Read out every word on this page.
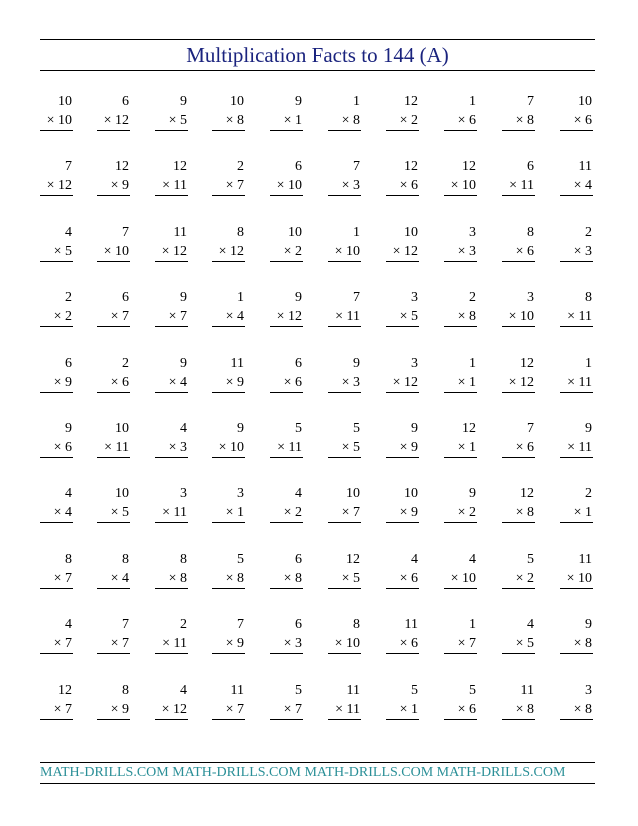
Multiplication Facts to 144 (A)
10
× 10
6
× 12
9
× 5
10
× 8
9
× 1
1
× 8
12
× 2
1
× 6
7
× 8
10
× 6
7
× 12
12
× 9
12
× 11
2
× 7
6
× 10
7
× 3
12
× 6
12
× 10
6
× 11
11
× 4
4
× 5
7
× 10
11
× 12
8
× 12
10
× 2
1
× 10
10
× 12
3
× 3
8
× 6
2
× 3
2
× 2
6
× 7
9
× 7
1
× 4
9
× 12
7
× 11
3
× 5
2
× 8
3
× 10
8
× 11
6
× 9
2
× 6
9
× 4
11
× 9
6
× 6
9
× 3
3
× 12
1
× 1
12
× 12
1
× 11
9
× 6
10
× 11
4
× 3
9
× 10
5
× 11
5
× 5
9
× 9
12
× 1
7
× 6
9
× 11
4
× 4
10
× 5
3
× 11
3
× 1
4
× 2
10
× 7
10
× 9
9
× 2
12
× 8
2
× 1
8
× 7
8
× 4
8
× 8
5
× 8
6
× 8
12
× 5
4
× 6
4
× 10
5
× 2
11
× 10
4
× 7
7
× 7
2
× 11
7
× 9
6
× 3
8
× 10
11
× 6
1
× 7
4
× 5
9
× 8
12
× 7
8
× 9
4
× 12
11
× 7
5
× 7
11
× 11
5
× 1
5
× 6
11
× 8
3
× 8
MATH-DRILLS.COM MATH-DRILLS.COM MATH-DRILLS.COM MATH-DRILLS.COM
